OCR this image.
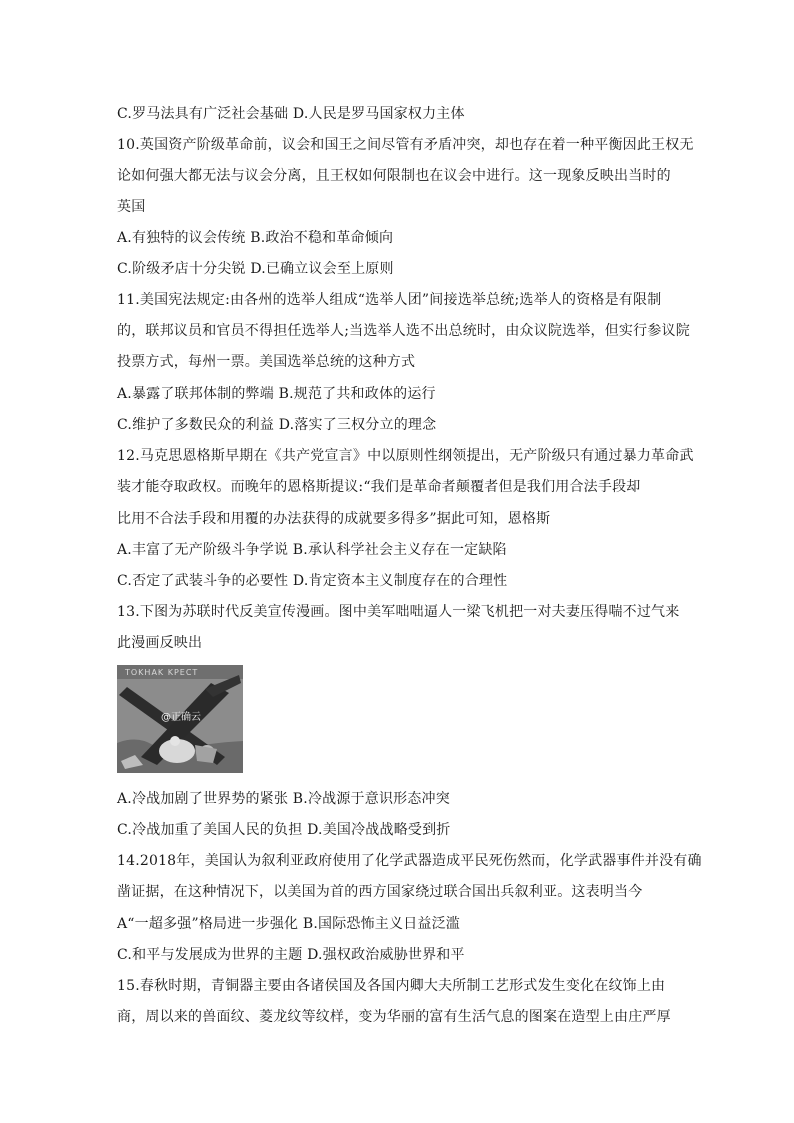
C.罗马法具有广泛社会基础 D.人民是罗马国家权力主体
10.英国资产阶级革命前，议会和国王之间尽管有矛盾冲突，却也存在着一种平衡因此王权无
论如何强大都无法与议会分离，且王权如何限制也在议会中进行。这一现象反映出当时的
英国
A.有独特的议会传统 B.政治不稳和革命倾向
C.阶级矛店十分尖锐 D.已确立议会至上原则
11.美国宪法规定:由各州的选举人组成“选举人团”间接选举总统;选举人的资格是有限制
的，联邦议员和官员不得担任选举人;当选举人选不出总统时，由众议院选举，但实行参议院
投票方式，每州一票。美国选举总统的这种方式
A.暴露了联邦体制的弊端 B.规范了共和政体的运行
C.维护了多数民众的利益 D.落实了三权分立的理念
12.马克思恩格斯早期在《共产党宣言》中以原则性纲领提出，无产阶级只有通过暴力革命武
装才能夺取政权。而晚年的恩格斯提议:“我们是革命者颠覆者但是我们用合法手段却
比用不合法手段和用覆的办法获得的成就要多得多”据此可知，恩格斯
A.丰富了无产阶级斗争学说 B.承认科学社会主义存在一定缺陷
C.否定了武装斗争的必要性 D.肯定资本主义制度存在的合理性
13.下图为苏联时代反美宣传漫画。图中美军咄咄逼人一梁飞机把一对夫妻压得喘不过气来
此漫画反映出
TOKHAK KPECT
@正确云
A.冷战加剧了世界势的紧张 B.冷战源于意识形态冲突
C.冷战加重了美国人民的负担 D.美国冷战战略受到折
14.2018年，美国认为叙利亚政府使用了化学武器造成平民死伤然而，化学武器事件并没有确
凿证据，在这种情况下，以美国为首的西方国家绕过联合国出兵叙利亚。这表明当今
A“一超多强”格局进一步强化 B.国际恐怖主义日益泛滥
C.和平与发展成为世界的主题 D.强权政治威胁世界和平
15.春秋时期，青铜器主要由各诸侯国及各国内卿大夫所制工艺形式发生变化在纹饰上由
商，周以来的兽面纹、菱龙纹等纹样，变为华丽的富有生活气息的图案在造型上由庄严厚
